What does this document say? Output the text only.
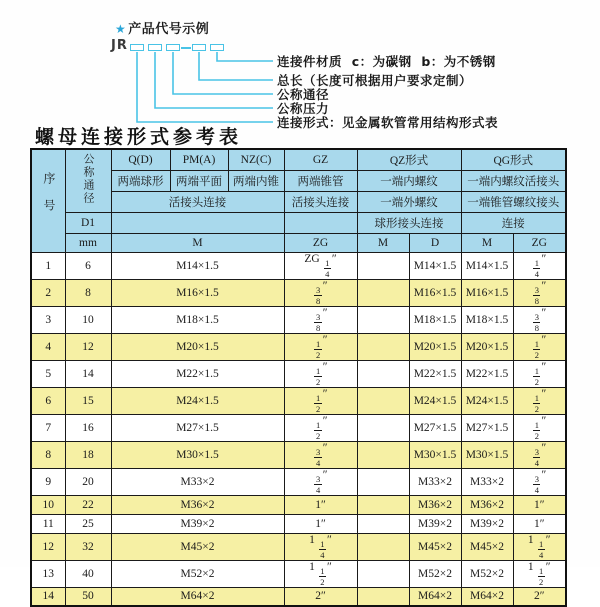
★ 产品代号示例
JR
连接件材质  c：为碳钢  b：为不锈钢
总长（长度可根据用户要求定制）
公称通径
公称压力
连接形式：见金属软管常用结构形式表
螺母连接形式参考表
序号	公称通径	Q(D)	PM(A)	NZ(C)	GZ	QZ形式		QG形式	
		两端球形	两端平面	两端内锥	两端锥管	一端内螺纹		一端内螺纹活接头	
		活接头连接			活接头连接	一端外螺纹		一端锥管螺纹接头	
	D1					球形接头连接		连接	
	mm	M			ZG	M	D	M	ZG
1	6	M14×1.5			ZG $\frac{1}{4}$ ″		M14×1.5	M14×1.5	$\frac{1}{4}$ ″
2	8	M16×1.5			$\frac{3}{8}$ ″		M16×1.5	M16×1.5	$\frac{3}{8}$ ″
3	10	M18×1.5			$\frac{3}{8}$ ″		M18×1.5	M18×1.5	$\frac{3}{8}$ ″
4	12	M20×1.5			$\frac{1}{2}$ ″		M20×1.5	M20×1.5	$\frac{1}{2}$ ″
5	14	M22×1.5			$\frac{1}{2}$ ″		M22×1.5	M22×1.5	$\frac{1}{2}$ ″
6	15	M24×1.5			$\frac{1}{2}$ ″		M24×1.5	M24×1.5	$\frac{1}{2}$ ″
7	16	M27×1.5			$\frac{1}{2}$ ″		M27×1.5	M27×1.5	$\frac{1}{2}$ ″
8	18	M30×1.5			$\frac{3}{4}$ ″		M30×1.5	M30×1.5	$\frac{3}{4}$ ″
9	20	M33×2			$\frac{3}{4}$ ″		M33×2	M33×2	$\frac{3}{4}$ ″
10	22	M36×2			1″		M36×2	M36×2	1″
11	25	M39×2			1″		M39×2	M39×2	1″
12	32	M45×2			$1 \frac{1}{4}$ ″		M45×2	M45×2	$1 \frac{1}{4}$ ″
13	40	M52×2			$1 \frac{1}{2}$ ″		M52×2	M52×2	$1 \frac{1}{2}$ ″
14	50	M64×2			2″		M64×2	M64×2	2″
